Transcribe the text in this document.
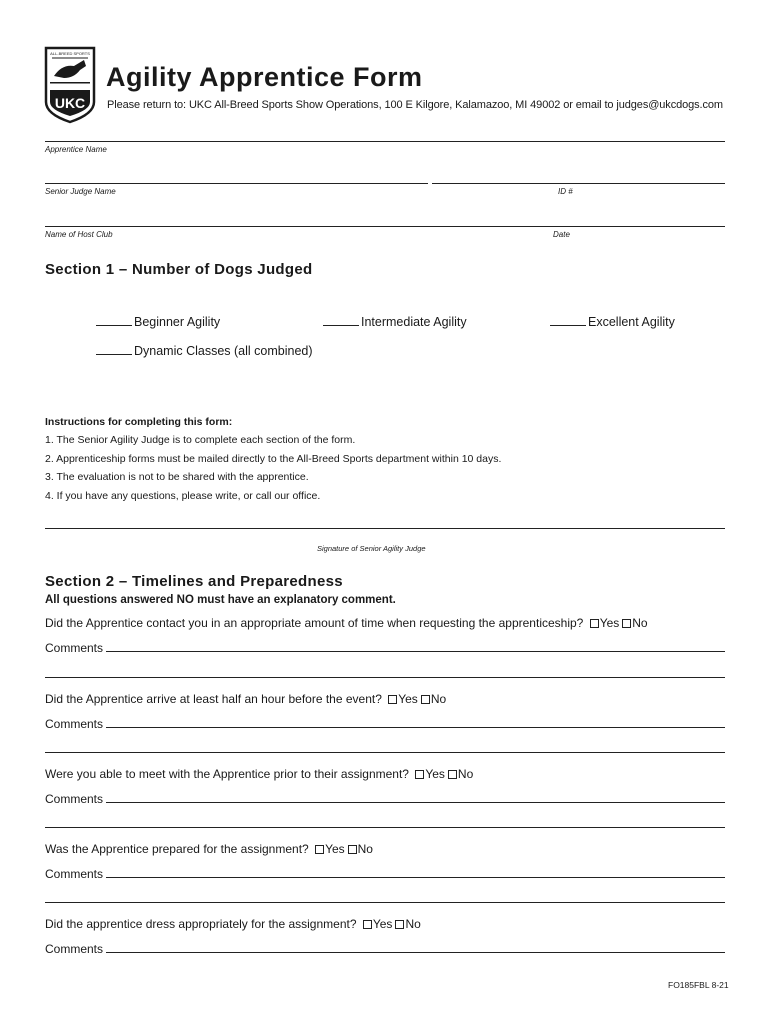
UKC
ALL-BREED SPORTS
Agility Apprentice Form
Please return to: UKC All-Breed Sports Show Operations, 100 E Kilgore, Kalamazoo, MI 49002 or email to judges@ukcdogs.com
Apprentice Name
Senior Judge Name	ID #
Name of Host Club	Date
Section 1 – Number of Dogs Judged
Beginner Agility	Intermediate Agility	Excellent Agility
Dynamic Classes (all combined)
Instructions for completing this form:
1. The Senior Agility Judge is to complete each section of the form.
2. Apprenticeship forms must be mailed directly to the All-Breed Sports department within 10 days.
3. The evaluation is not to be shared with the apprentice.
4. If you have any questions, please write, or call our office.
Signature of Senior Agility Judge
Section 2 – Timelines and Preparedness
All questions answered NO must have an explanatory comment.
Did the Apprentice contact you in an appropriate amount of time when requesting the apprenticeship? Yes No
Comments
Did the Apprentice arrive at least half an hour before the event? Yes No
Comments
Were you able to meet with the Apprentice prior to their assignment? Yes No
Comments
Was the Apprentice prepared for the assignment? Yes No
Comments
Did the apprentice dress appropriately for the assignment? Yes No
Comments
FO185FBL 8-21
